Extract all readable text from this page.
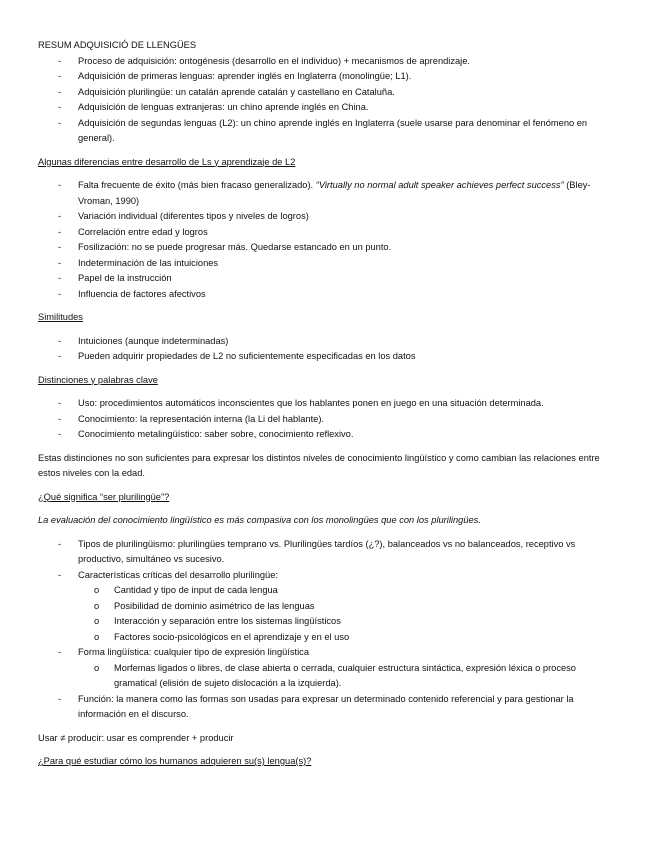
RESUM ADQUISICIÓ DE LLENGÜES

- Proceso de adquisición: ontogénesis (desarrollo en el individuo) + mecanismos de aprendizaje.
- Adquisición de primeras lenguas: aprender inglés en Inglaterra (monolingüe; L1).
- Adquisición plurilingüe: un catalán aprende catalán y castellano en Cataluña.
- Adquisición de lenguas extranjeras: un chino aprende inglés en China.
- Adquisición de segundas lenguas (L2): un chino aprende inglés en Inglaterra (suele usarse para denominar el fenómeno en general).

Algunas diferencias entre desarrollo de Ls y aprendizaje de L2

- Falta frecuente de éxito (más bien fracaso generalizado). “Virtually no normal adult speaker achieves perfect success” (Bley-Vroman, 1990)
- Variación individual (diferentes tipos y niveles de logros)
- Correlación entre edad y logros
- Fosilización: no se puede progresar más. Quedarse estancado en un punto.
- Indeterminación de las intuiciones
- Papel de la instrucción
- Influencia de factores afectivos

Similitudes

- Intuiciones (aunque indeterminadas)
- Pueden adquirir propiedades de L2 no suficientemente especificadas en los datos

Distinciones y palabras clave

- Uso: procedimientos automáticos inconscientes que los hablantes ponen en juego en una situación determinada.
- Conocimiento: la representación interna (la Li del hablante).
- Conocimiento metalingüístico: saber sobre, conocimiento reflexivo.

Estas distinciones no son suficientes para expresar los distintos niveles de conocimiento lingüístico y como cambian las relaciones entre estos niveles con la edad.

¿Qué significa “ser plurilingüe”?

La evaluación del conocimiento lingüístico es más compasiva con los monolingües que con los plurilingües.

- Tipos de plurilingüismo: plurilingües temprano vs. Plurilingües tardíos (¿?), balanceados vs no balanceados, receptivo vs productivo, simultáneo vs sucesivo.
- Características críticas del desarrollo plurilingüe:
o Cantidad y tipo de input de cada lengua
o Posibilidad de dominio asimétrico de las lenguas
o Interacción y separación entre los sistemas lingüísticos
o Factores socio-psicológicos en el aprendizaje y en el uso
- Forma lingüística: cualquier tipo de expresión lingüística
o Morfemas ligados o libres, de clase abierta o cerrada, cualquier estructura sintáctica, expresión léxica o proceso gramatical (elisión de sujeto dislocación a la izquierda).
- Función: la manera como las formas son usadas para expresar un determinado contenido referencial y para gestionar la información en el discurso.

Usar ≠ producir: usar es comprender + producir

¿Para qué estudiar cómo los humanos adquieren su(s) lengua(s)?
